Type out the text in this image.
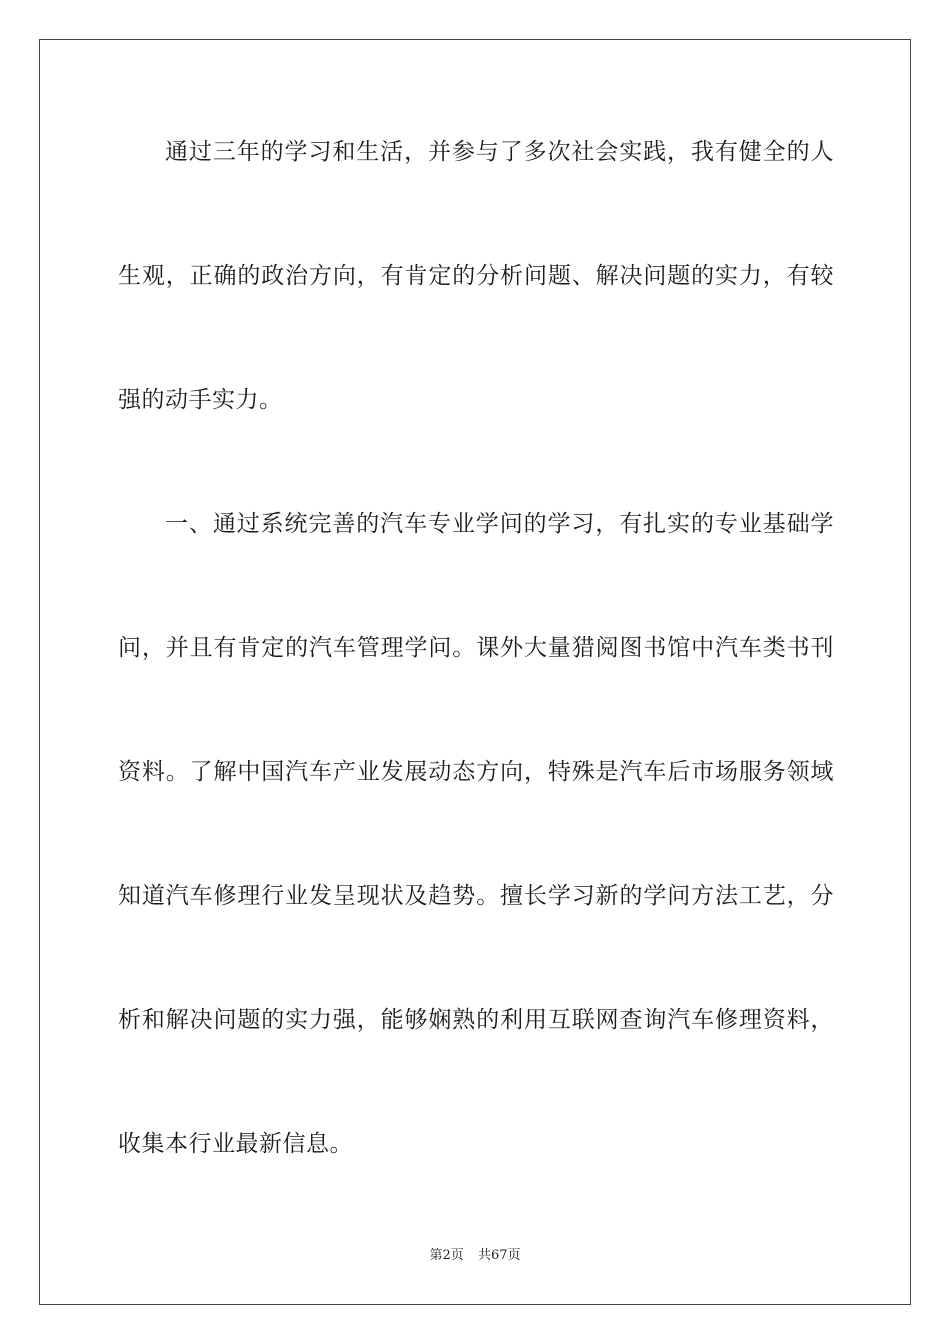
通过三年的学习和生活，并参与了多次社会实践，我有健全的人
生观，正确的政治方向，有肯定的分析问题、解决问题的实力，有较
强的动手实力。
一、通过系统完善的汽车专业学问的学习，有扎实的专业基础学
问，并且有肯定的汽车管理学问。课外大量猎阅图书馆中汽车类书刊
资料。了解中国汽车产业发展动态方向，特殊是汽车后市场服务领域
知道汽车修理行业发呈现状及趋势。擅长学习新的学问方法工艺，分
析和解决问题的实力强，能够娴熟的利用互联网查询汽车修理资料，
收集本行业最新信息。
第2页 共67页
